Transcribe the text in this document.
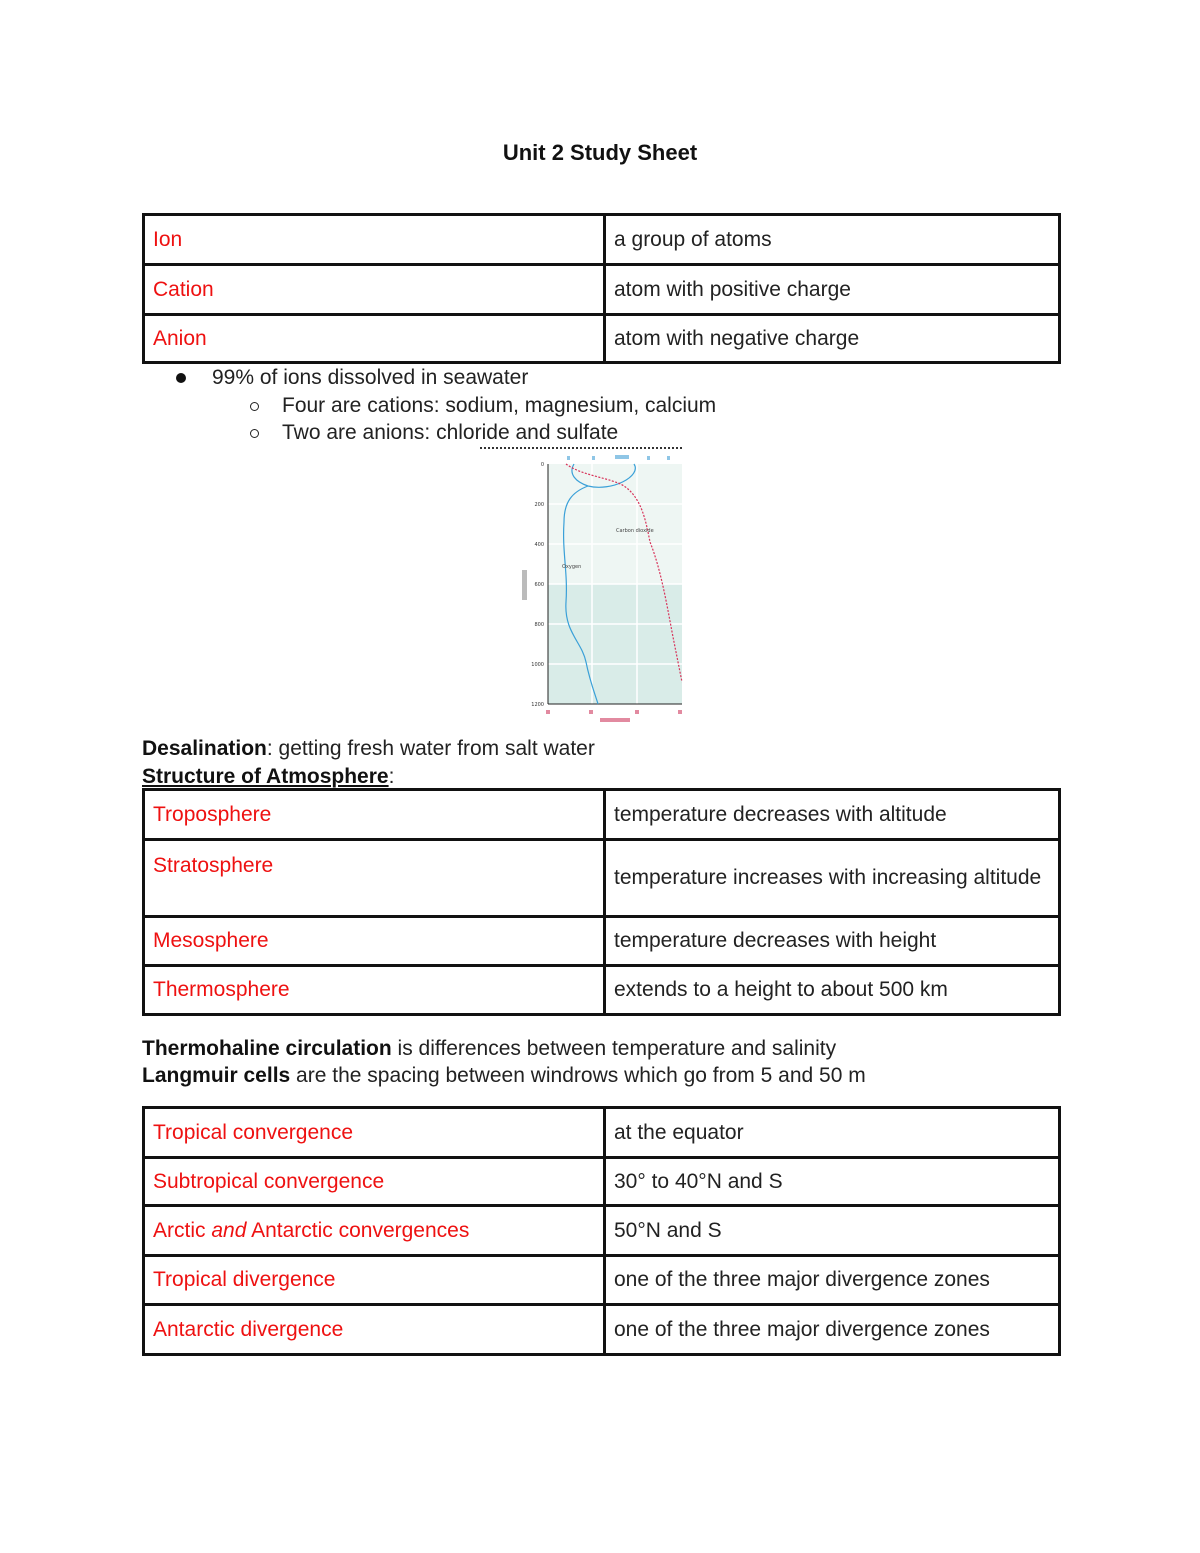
Unit 2 Study Sheet
Ion	a group of atoms
Cation	atom with positive charge
Anion	atom with negative charge
99% of ions dissolved in seawater
Four are cations: sodium, magnesium, calcium
Two are anions: chloride and sulfate
0
200
400
600
800
1000
1200
Carbon dioxide
Oxygen
Desalination: getting fresh water from salt water
Structure of Atmosphere:
Troposphere	temperature decreases with altitude
Stratosphere	temperature increases with increasing altitude
Mesosphere	temperature decreases with height
Thermosphere	extends to a height to about 500 km
Thermohaline circulation is differences between temperature and salinity
Langmuir cells are the spacing between windrows which go from 5 and 50 m
Tropical convergence	at the equator
Subtropical convergence	30° to 40°N and S
Arctic and Antarctic convergences	50°N and S
Tropical divergence	one of the three major divergence zones
Antarctic divergence	one of the three major divergence zones
